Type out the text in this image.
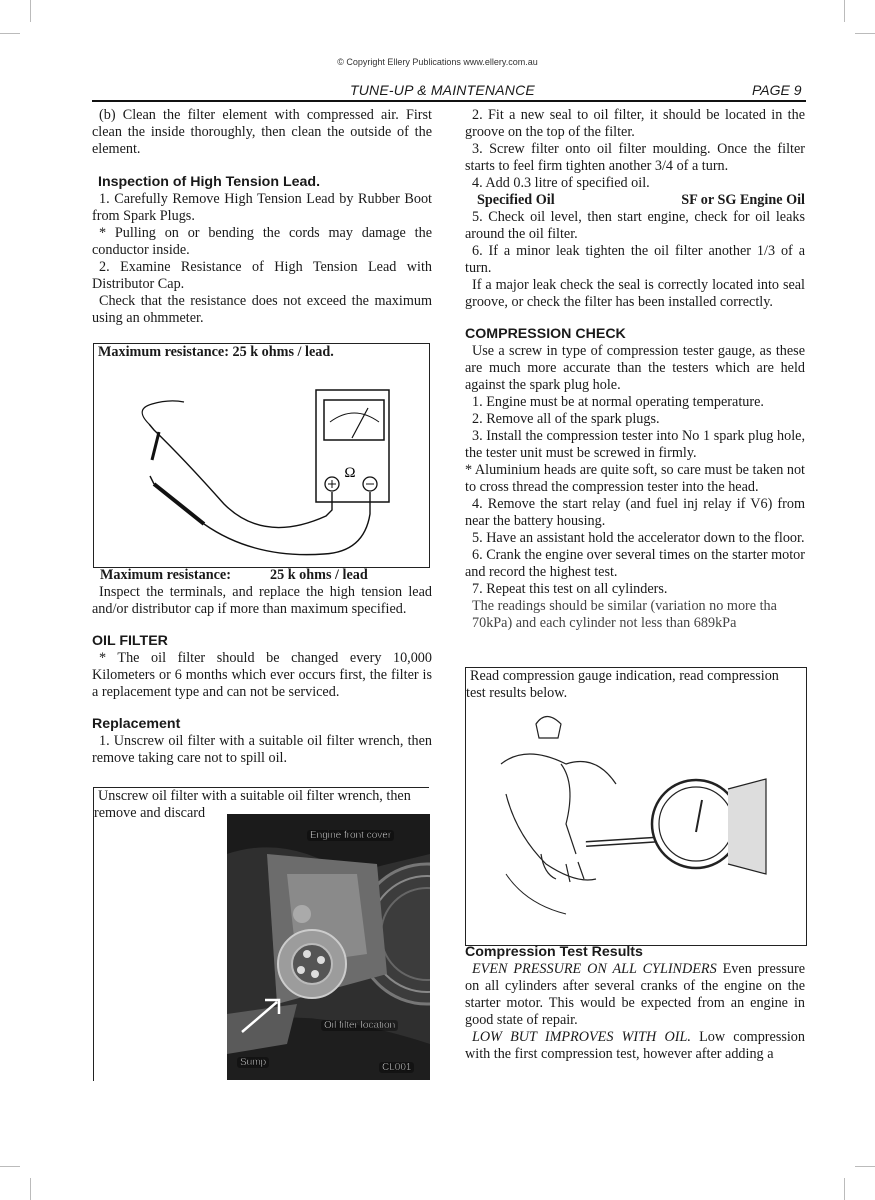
© Copyright Ellery Publications www.ellery.com.au
TUNE-UP & MAINTENANCE	PAGE 9

(b) Clean the filter element with compressed air. First clean the inside thoroughly, then clean the outside of the element.

Inspection of High Tension Lead.

1. Carefully Remove High Tension Lead by Rubber Boot from Spark Plugs.

* Pulling on or bending the cords may damage the conductor inside.

2. Examine Resistance of High Tension Lead with Distributor Cap.

Check that the resistance does not exceed the maximum using an ohmmeter.

Maximum resistance: 25 k ohms / lead.
Ω
Maximum resistance:	25 k ohms / lead

Inspect the terminals, and replace the high tension lead and/or distributor cap if more than maximum specified.

OIL FILTER

* The oil filter should be changed every 10,000 Kilometers or 6 months which ever occurs first, the filter is a replacement type and can not be serviced.

Replacement

1. Unscrew oil filter with a suitable oil filter wrench, then remove taking care not to spill oil.

Unscrew oil filter with a suitable oil filter wrench, then
remove and discard
Engine front cover
Oil filter location
Sump	CL001

2. Fit a new seal to oil filter, it should be located in the groove on the top of the filter.

3. Screw filter onto oil filter moulding. Once the filter starts to feel firm tighten another 3/4 of a turn.

4. Add 0.3 litre of specified oil.

Specified Oil	SF or SG Engine Oil

5. Check oil level, then start engine, check for oil leaks around the oil filter.

6. If a minor leak tighten the oil filter another 1/3 of a turn.

If a major leak check the seal is correctly located into seal groove, or check the filter has been installed correctly.

COMPRESSION CHECK

Use a screw in type of compression tester gauge, as these are much more accurate than the testers which are held against the spark plug hole.

1. Engine must be at normal operating temperature.

2. Remove all of the spark plugs.

3. Install the compression tester into No 1 spark plug hole, the tester unit must be screwed in firmly.

* Aluminium heads are quite soft, so care must be taken not to cross thread the compression tester into the head.

4. Remove the start relay (and fuel inj relay if V6) from near the battery housing.

5. Have an assistant hold the accelerator down to the floor.

6. Crank the engine over several times on the starter motor and record the highest test.

7. Repeat this test on all cylinders.

The readings should be similar (variation no more tha

70kPa) and each cylinder not less than 689kPa

Read compression gauge indication, read compression
test results below.

Compression Test Results

EVEN PRESSURE ON ALL CYLINDERS Even pressure on all cylinders after several cranks of the engine on the starter motor. This would be expected from an engine in good state of repair.

LOW BUT IMPROVES WITH OIL. Low compression with the first compression test, however after adding a
